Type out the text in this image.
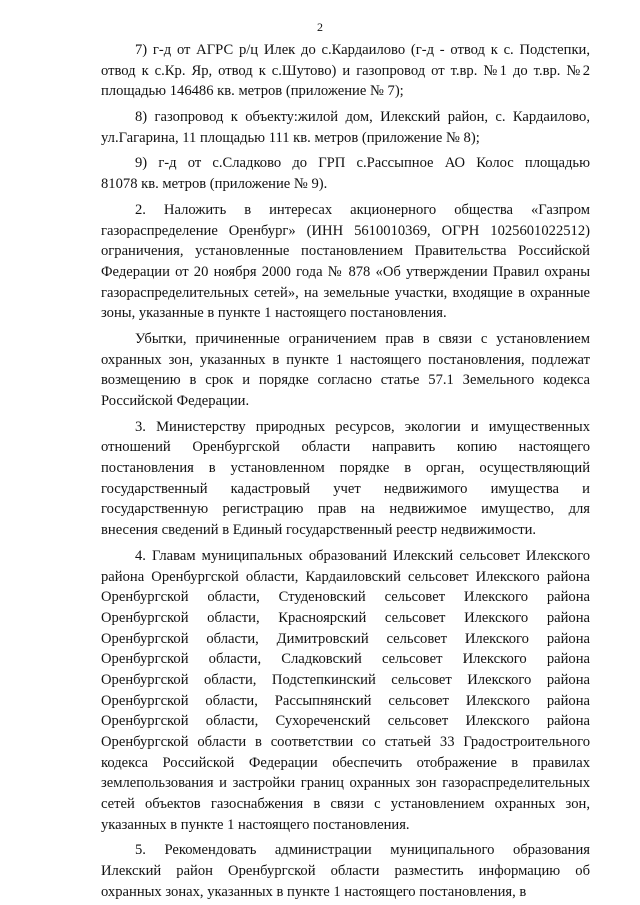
2
7) г-д от АГРС р/ц Илек до с.Кардаилово (г-д - отвод к с. Подстепки,
отвод к с.Кр. Яр, отвод к с.Шутово) и газопровод от т.вр. №1 до т.вр. №2
площадью 146486 кв. метров (приложение № 7);
8) газопровод к объекту:жилой дом, Илекский район, с. Кардаилово,
ул.Гагарина, 11 площадью 111 кв. метров (приложение № 8);
9) г-д от с.Сладково до ГРП с.Рассыпное АО Колос площадью
81078 кв. метров (приложение № 9).
2. Наложить в интересах акционерного общества «Газпром
газораспределение Оренбург» (ИНН 5610010369, ОГРН 1025601022512)
ограничения, установленные постановлением Правительства Российской
Федерации от 20 ноября 2000 года № 878 «Об утверждении Правил охраны
газораспределительных сетей», на земельные участки, входящие в охранные
зоны, указанные в пункте 1 настоящего постановления.
Убытки, причиненные ограничением прав в связи с установлением
охранных зон, указанных в пункте 1 настоящего постановления, подлежат
возмещению в срок и порядке согласно статье 57.1 Земельного кодекса
Российской Федерации.
3. Министерству природных ресурсов, экологии и имущественных
отношений Оренбургской области направить копию настоящего
постановления в установленном порядке в орган, осуществляющий
государственный кадастровый учет недвижимого имущества и
государственную регистрацию прав на недвижимое имущество, для
внесения сведений в Единый государственный реестр недвижимости.
4. Главам муниципальных образований Илекский сельсовет Илекского
района Оренбургской области, Кардаиловский сельсовет Илекского района
Оренбургской области, Студеновский сельсовет Илекского района
Оренбургской области, Красноярский сельсовет Илекского района
Оренбургской области, Димитровский сельсовет Илекского района
Оренбургской области, Сладковский сельсовет Илекского района
Оренбургской области, Подстепкинский сельсовет Илекского района
Оренбургской области, Рассыпнянский сельсовет Илекского района
Оренбургской области, Сухореченский сельсовет Илекского района
Оренбургской области в соответствии со статьей 33 Градостроительного
кодекса Российской Федерации обеспечить отображение в правилах
землепользования и застройки границ охранных зон газораспределительных
сетей объектов газоснабжения в связи с установлением охранных зон,
указанных в пункте 1 настоящего постановления.
5. Рекомендовать администрации муниципального образования
Илекский район Оренбургской области разместить информацию об
охранных зонах, указанных в пункте 1 настоящего постановления, в
